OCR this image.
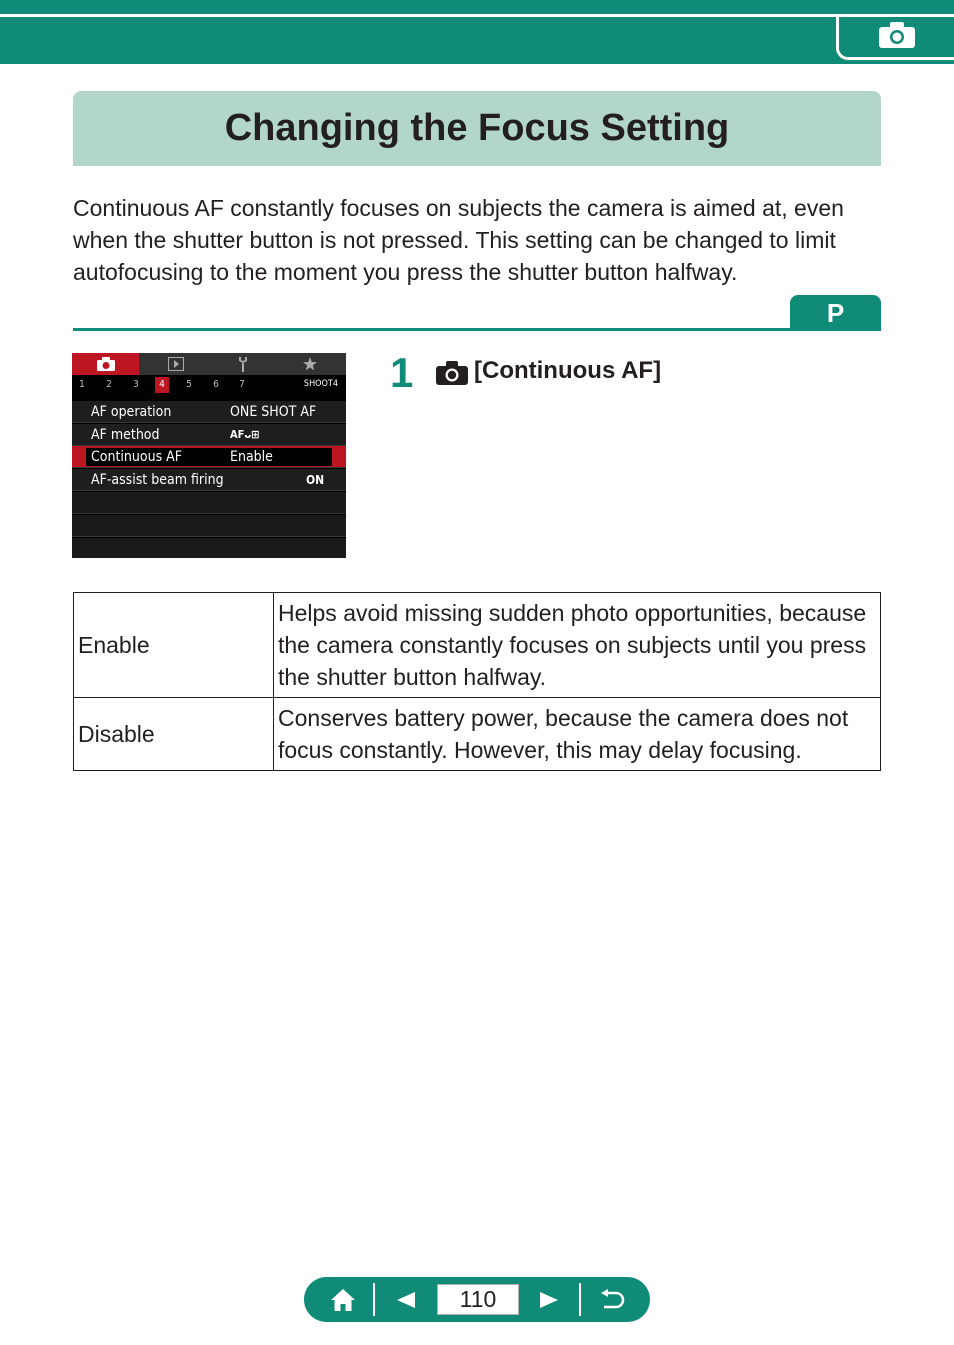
Changing the Focus Setting

Continuous AF constantly focuses on subjects the camera is aimed at, even when the shutter button is not pressed. This setting can be changed to limit autofocusing to the moment you press the shutter button halfway.

P
1	2	3	4	5	6	7	SHOOT4
AF operation	ONE SHOT AF
AF method	AFᴗ⊞
Continuous AF	Enable
AF-assist beam firing	ON
1	[Continuous AF]
Enable	Helps avoid missing sudden photo opportunities, because the camera constantly focuses on subjects until you press the shutter button halfway.
Disable	Conserves battery power, because the camera does not focus constantly. However, this may delay focusing.
110
